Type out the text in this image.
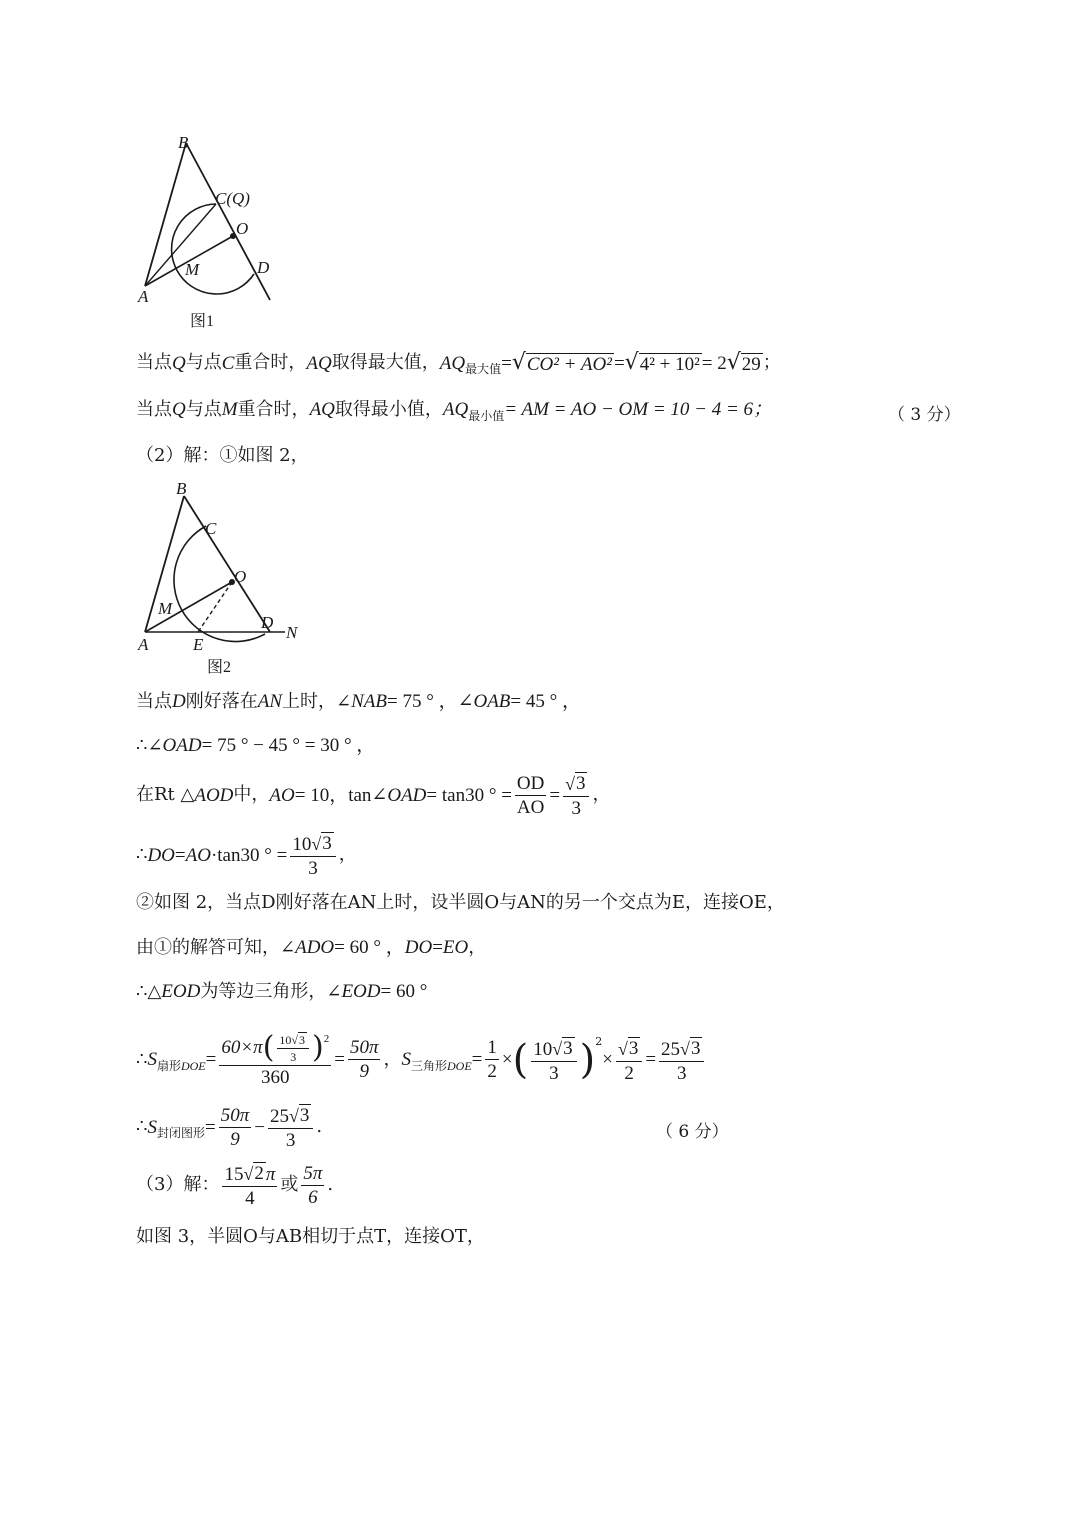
B
C(Q)
O
D
M
A
图1
当点 Q 与点 C 重合时， AQ 取得最大值， AQ 最大值 = √ CO² + AO² = √ 4² + 10² = 2 √ 29 ；
当点 Q 与点 M 重合时， AQ 取得最小值， AQ 最小值 = AM = AO − OM = 10 − 4 = 6；	（ 3 分）
（2）解：①如图 2，
B
C
O
M
A	E
D
N
图2
当点 D 刚好落在 AN 上时，∠ NAB = 75 ° ，∠ OAB = 45 ° ，
∴∠ OAD = 75 ° − 45 ° = 30 ° ，
在Rt △ AOD 中， AO = 10，tan∠ OAD = tan30 ° = $\frac{OD}{AO} = \frac{√ 3}{3}$ ，
∴ DO = AO ·tan30 ° = $\frac{10 √ 3}{3}$ ，
②如图 2，当点D刚好落在AN上时，设半圆O与AN的另一个交点为E，连接OE，
由①的解答可知，∠ ADO = 60 ° ， DO = EO ，
∴△ EOD 为等边三角形，∠ EOD = 60 °
∴ S 扇形 DOE =
60×π ( $\frac{10 √ 3}{3}$ ) 2
360
= $\frac{50\pi}{9}$ ， S 三角形 DOE = $\frac{1}{2}$ × ( $\frac{10 √ 3}{3}$ ) 2
× $\frac{√ 3}{2} = \frac{25 √ 3}{3}$
∴ S 封闭图形 = $\frac{50\pi}{9} - \frac{25 √ 3}{3}$ .	（ 6 分）
（3）解： $\frac{15 √ 2 \pi}{4}$ 或 $\frac{5\pi}{6}$ .
如图 3，半圆O与AB相切于点T，连接OT，
